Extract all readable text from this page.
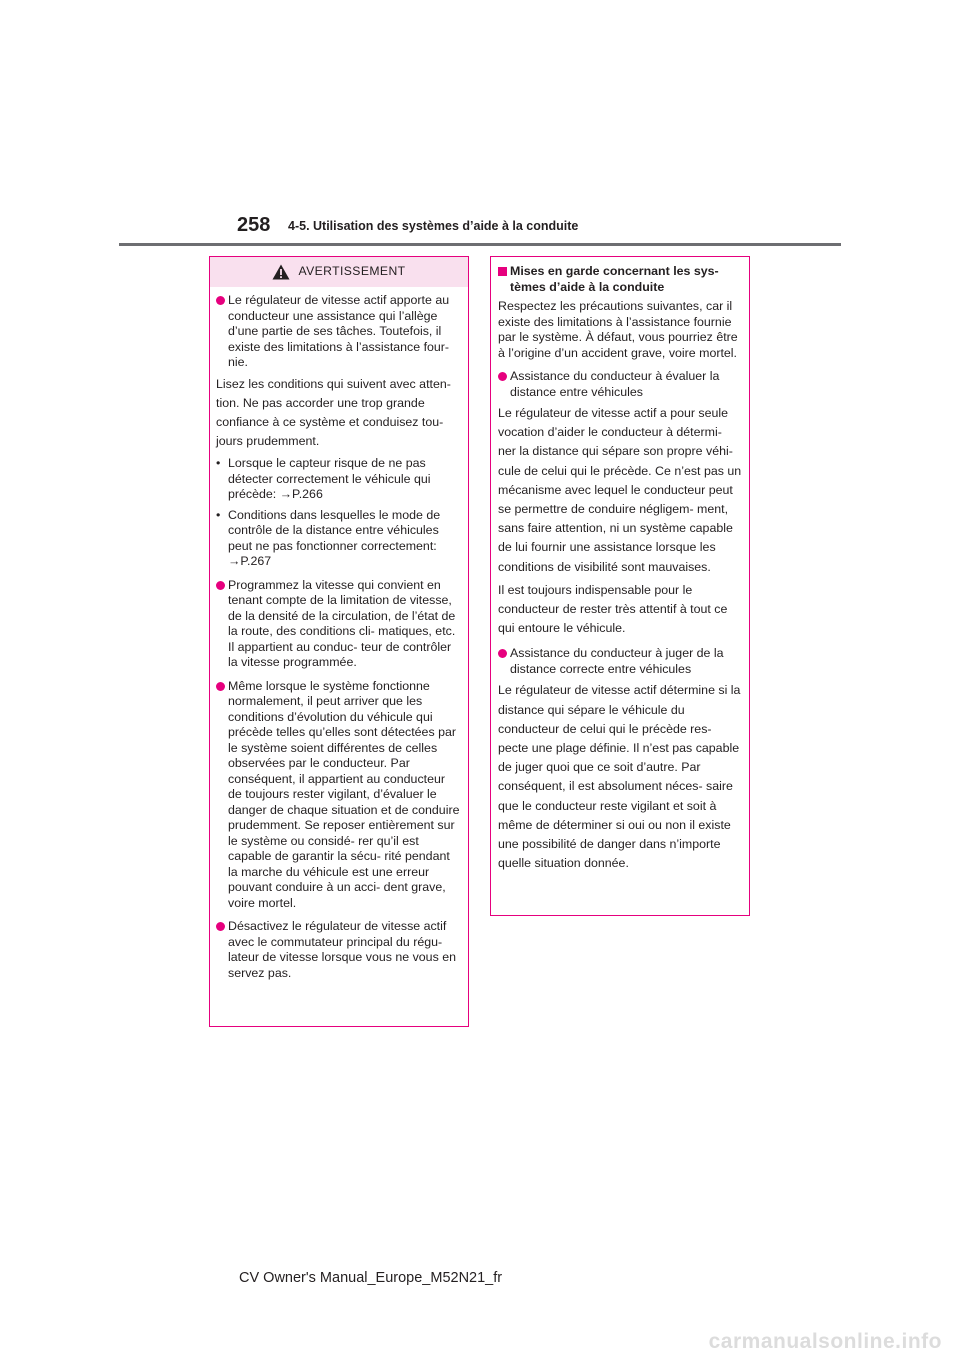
258 4-5. Utilisation des systèmes d’aide à la conduite
AVERTISSEMENT
Le régulateur de vitesse actif apporte au conducteur une assistance qui l’allège d’une partie de ses tâches. Toutefois, il existe des limitations à l’assistance four- nie.
Lisez les conditions qui suivent avec atten- tion. Ne pas accorder une trop grande confiance à ce système et conduisez tou- jours prudemment.
• Lorsque le capteur risque de ne pas détecter correctement le véhicule qui précède: →P.266
• Conditions dans lesquelles le mode de contrôle de la distance entre véhicules peut ne pas fonctionner correctement: →P.267
Programmez la vitesse qui convient en tenant compte de la limitation de vitesse, de la densité de la circulation, de l’état de la route, des conditions cli- matiques, etc. Il appartient au conduc- teur de contrôler la vitesse programmée.
Même lorsque le système fonctionne normalement, il peut arriver que les conditions d’évolution du véhicule qui précède telles qu’elles sont détectées par le système soient différentes de celles observées par le conducteur. Par conséquent, il appartient au conducteur de toujours rester vigilant, d’évaluer le danger de chaque situation et de conduire prudemment. Se reposer entièrement sur le système ou considé- rer qu’il est capable de garantir la sécu- rité pendant la marche du véhicule est une erreur pouvant conduire à un acci- dent grave, voire mortel.
Désactivez le régulateur de vitesse actif avec le commutateur principal du régu- lateur de vitesse lorsque vous ne vous en servez pas.
Mises en garde concernant les sys- tèmes d’aide à la conduite
Respectez les précautions suivantes, car il existe des limitations à l’assistance fournie par le système. À défaut, vous pourriez être à l’origine d’un accident grave, voire mortel.
Assistance du conducteur à évaluer la distance entre véhicules
Le régulateur de vitesse actif a pour seule vocation d’aider le conducteur à détermi- ner la distance qui sépare son propre véhi- cule de celui qui le précède. Ce n’est pas un mécanisme avec lequel le conducteur peut se permettre de conduire négligem- ment, sans faire attention, ni un système capable de lui fournir une assistance lorsque les conditions de visibilité sont mauvaises.
Il est toujours indispensable pour le conducteur de rester très attentif à tout ce qui entoure le véhicule.
Assistance du conducteur à juger de la distance correcte entre véhicules
Le régulateur de vitesse actif détermine si la distance qui sépare le véhicule du conducteur de celui qui le précède res- pecte une plage définie. Il n’est pas capable de juger quoi que ce soit d’autre. Par conséquent, il est absolument néces- saire que le conducteur reste vigilant et soit à même de déterminer si oui ou non il existe une possibilité de danger dans n’importe quelle situation donnée.
CV Owner's Manual_Europe_M52N21_fr
carmanualsonline.info
